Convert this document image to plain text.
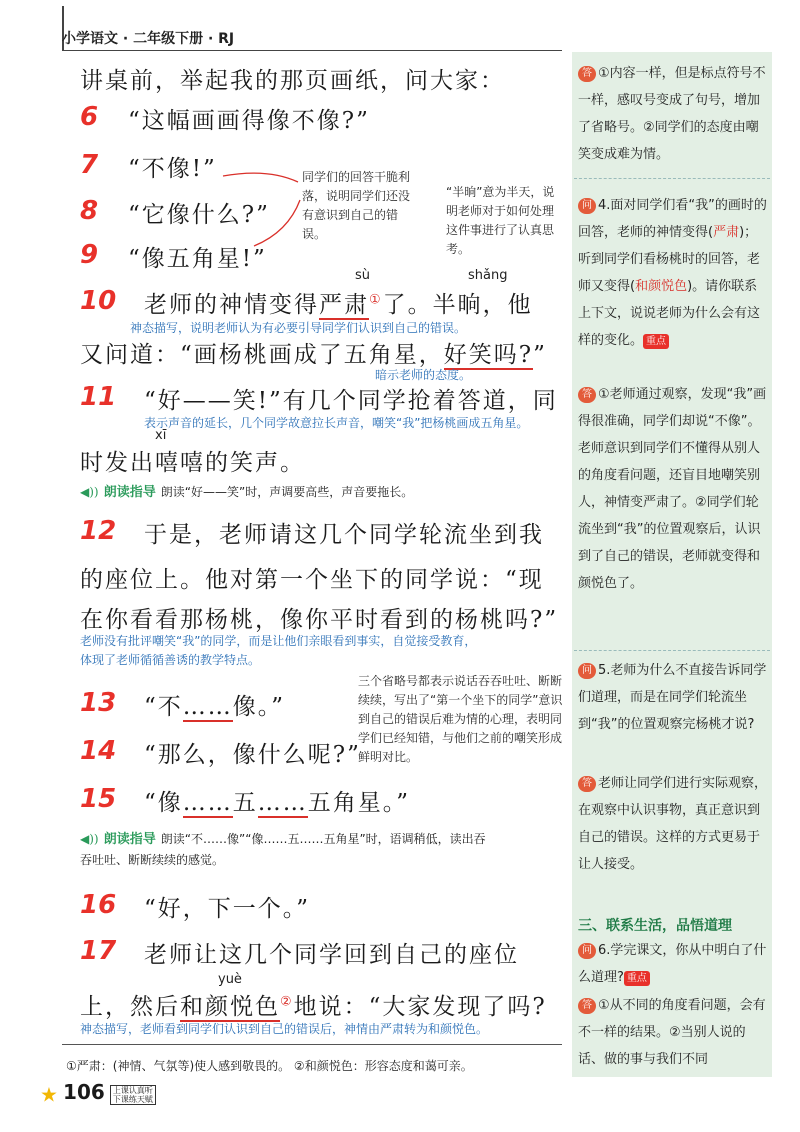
小学语文 · 二年级下册 · RJ
讲桌前，举起我的那页画纸，问大家：
6 “这幅画画得像不像?”
7 “不像!”
8 “它像什么?”
9 “像五角星!”
同学们的回答干脆利落，说明同学们还没有意识到自己的错误。
“半晌”意为半天，说明老师对于如何处理这件事进行了认真思考。
sù	shǎng
10 老师的神情变得严肃①了。半晌，他
神态描写，说明老师认为有必要引导同学们认识到自己的错误。
又问道：“画杨桃画成了五角星，好笑吗?”
暗示老师的态度。
11 “好——笑!”有几个同学抢着答道，同
表示声音的延长，几个同学故意拉长声音，嘲笑“我”把杨桃画成五角星。
xī
时发出嘻嘻的笑声。
◀)) 朗读指导 朗读“好——笑”时，声调要高些，声音要拖长。
12 于是，老师请这几个同学轮流坐到我
的座位上。他对第一个坐下的同学说：“现
在你看看那杨桃，像你平时看到的杨桃吗?”
老师没有批评嘲笑“我”的同学，而是让他们亲眼看到事实，自觉接受教育，
体现了老师循循善诱的教学特点。
三个省略号都表示说话吞吞吐吐、断断续续，写出了“第一个坐下的同学”意识到自己的错误后难为情的心理，表明同学们已经知错，与他们之前的嘲笑形成鲜明对比。
13 “不……像。”
14 “那么，像什么呢?”
15 “像……五……五角星。”
◀)) 朗读指导 朗读“不……像”“像……五……五角星”时，语调稍低，读出吞
吞吐吐、断断续续的感觉。
16 “好，下一个。”
17 老师让这几个同学回到自己的座位
yuè
上，然后和颜悦色②地说：“大家发现了吗?
神态描写，老师看到同学们认识到自己的错误后，神情由严肃转为和颜悦色。
①严肃：(神情、气氛等)使人感到敬畏的。 ②和颜悦色：形容态度和蔼可亲。
★ 106 上课认真听
下课练天赋
答 ①内容一样，但是标点符号不一样，感叹号变成了句号，增加了省略号。②同学们的态度由嘲笑变成难为情。
问 4.面对同学们看“我”的画时的回答，老师的神情变得(严肃)；听到同学们看杨桃时的回答，老师又变得(和颜悦色)。请你联系上下文，说说老师为什么会有这样的变化。 重点
答 ①老师通过观察，发现“我”画得很准确，同学们却说“不像”。老师意识到同学们不懂得从别人的角度看问题，还盲目地嘲笑别人，神情变严肃了。②同学们轮流坐到“我”的位置观察后，认识到了自己的错误，老师就变得和颜悦色了。
问 5.老师为什么不直接告诉同学们道理，而是在同学们轮流坐到“我”的位置观察完杨桃才说?
答 老师让同学们进行实际观察，在观察中认识事物，真正意识到自己的错误。这样的方式更易于让人接受。
三、联系生活，品悟道理
问 6.学完课文，你从中明白了什么道理? 重点
答 ①从不同的角度看问题，会有不一样的结果。②当别人说的话、做的事与我们不同
